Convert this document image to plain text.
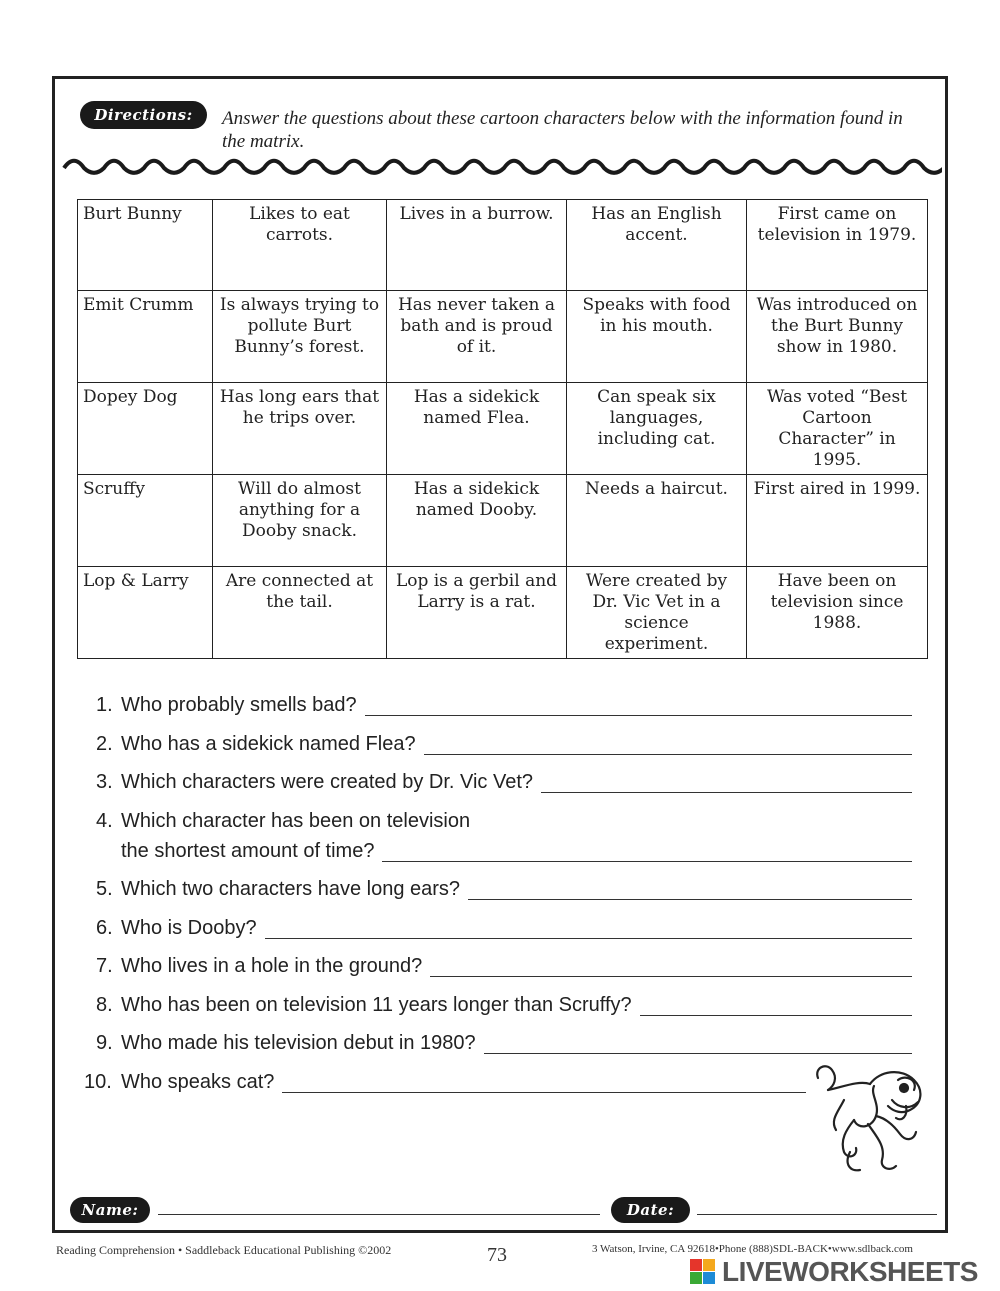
Directions:	Answer the questions about these cartoon characters below with the information found in the matrix.
Burt Bunny	Likes to eat carrots.	Lives in a burrow.	Has an English accent.	First came on television in 1979.
Emit Crumm	Is always trying to pollute Burt Bunny’s forest.	Has never taken a bath and is proud of it.	Speaks with food in his mouth.	Was introduced on the Burt Bunny show in 1980.
Dopey Dog	Has long ears that he trips over.	Has a sidekick named Flea.	Can speak six languages, including cat.	Was voted “Best Cartoon Character” in 1995.
Scruffy	Will do almost anything for a Dooby snack.	Has a sidekick named Dooby.	Needs a haircut.	First aired in 1999.
Lop & Larry	Are connected at the tail.	Lop is a gerbil and Larry is a rat.	Were created by Dr. Vic Vet in a science experiment.	Have been on television since 1988.
1. Who probably smells bad?
2. Who has a sidekick named Flea?
3. Which characters were created by Dr. Vic Vet?
4. Which character has been on television
the shortest amount of time?
5. Which two characters have long ears?
6. Who is Dooby?
7. Who lives in a hole in the ground?
8. Who has been on television 11 years longer than Scruffy?
9. Who made his television debut in 1980?
10. Who speaks cat?
Name:	Date:
Reading Comprehension • Saddleback Educational Publishing ©2002	73	3 Watson, Irvine, CA 92618•Phone (888)SDL-BACK•www.sdlback.com
LIVEWORKSHEETS
